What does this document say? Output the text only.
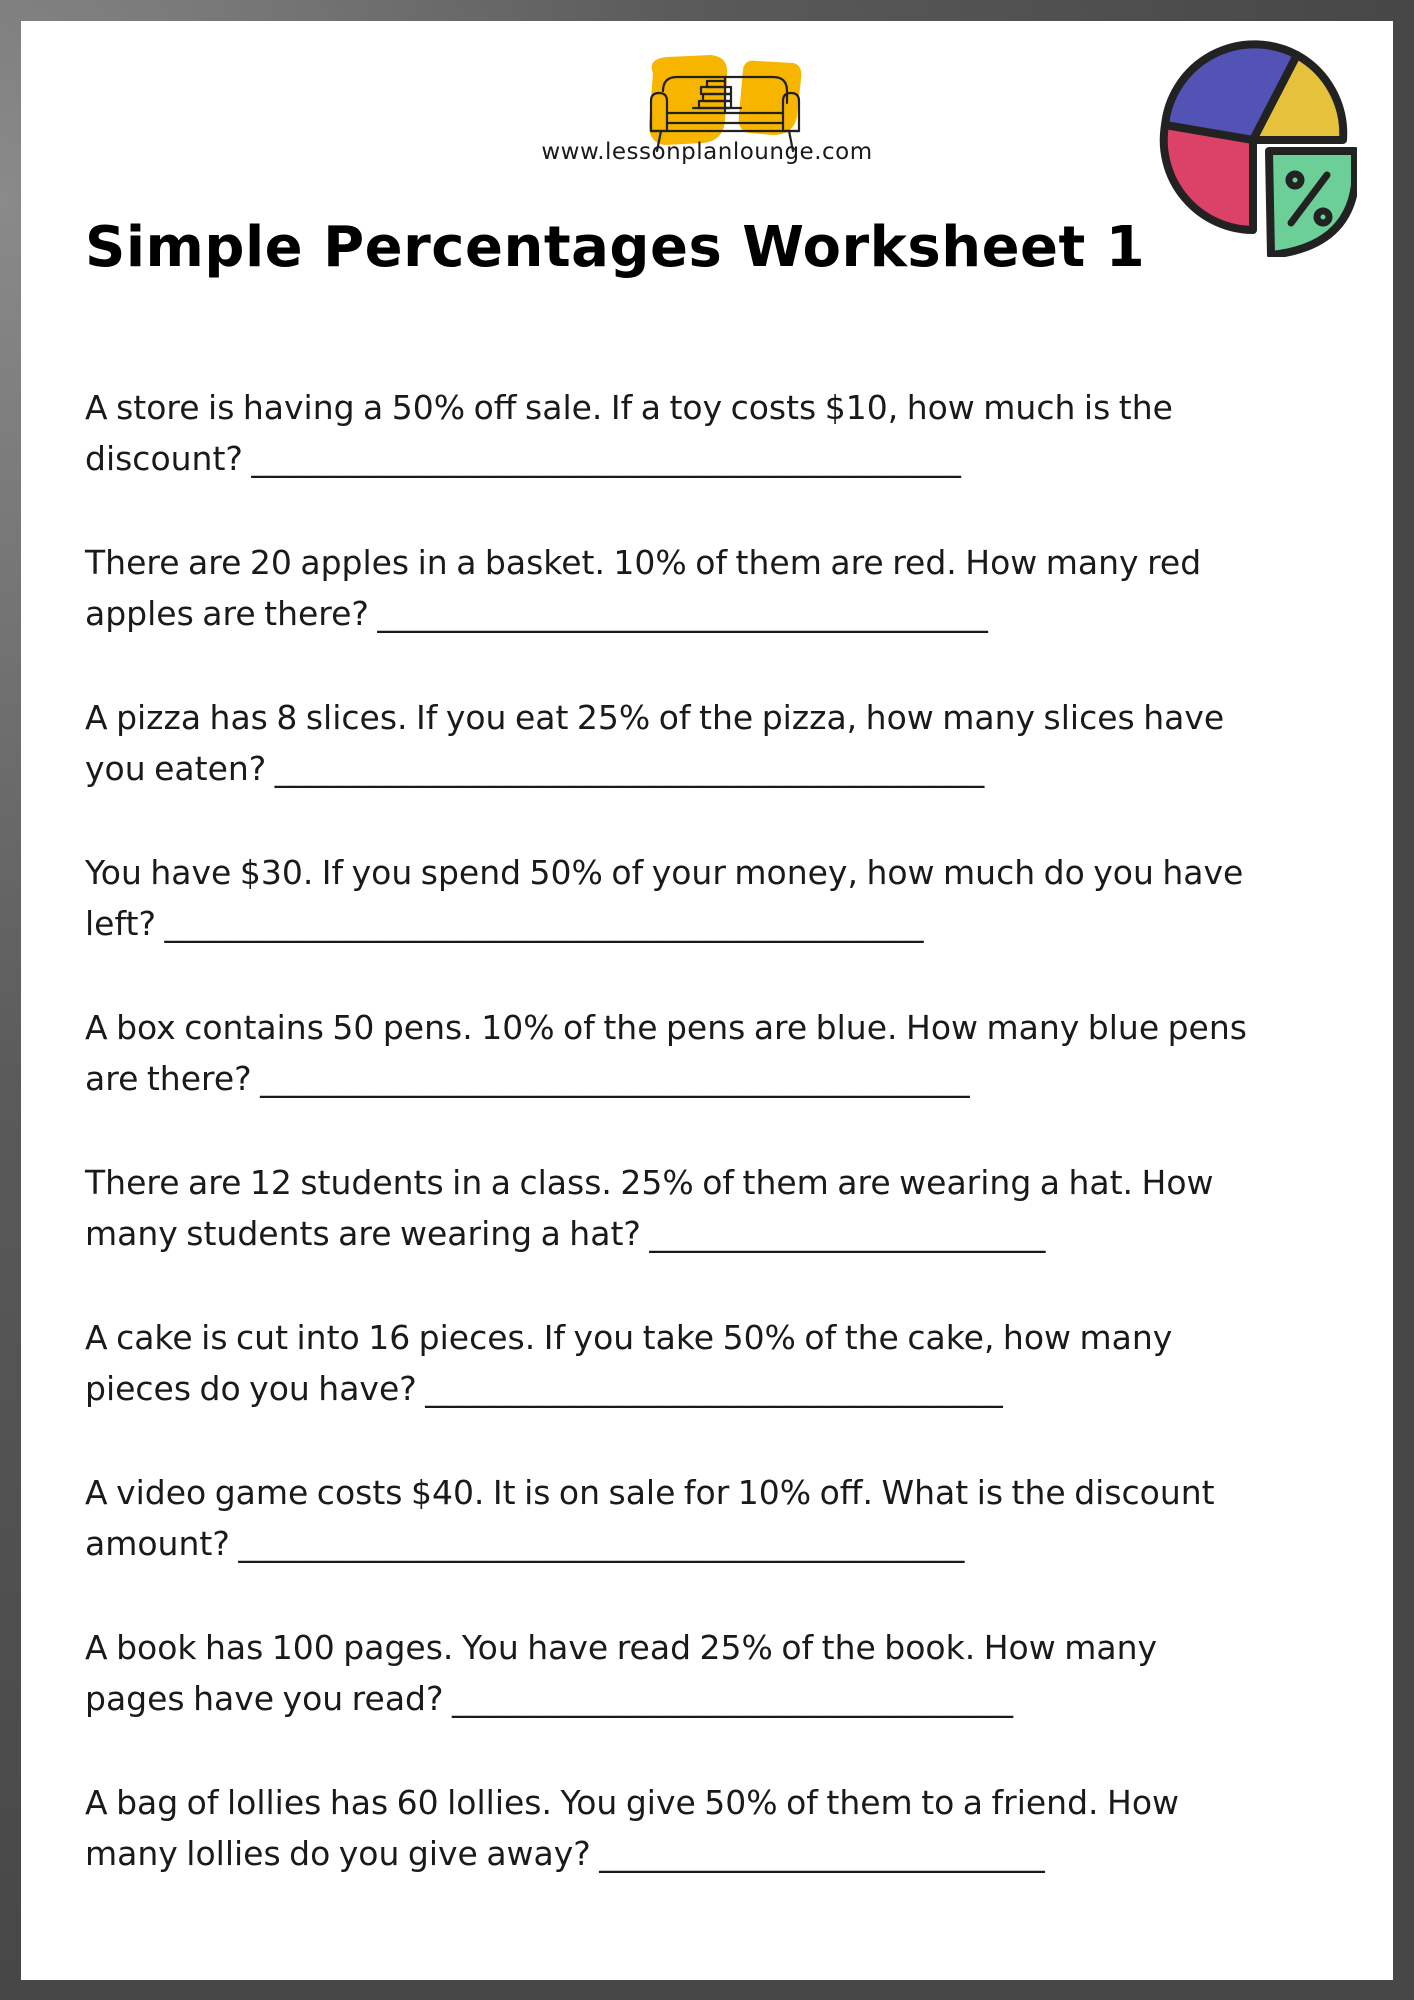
www.lessonplanlounge.com
Simple Percentages Worksheet 1
A store is having a 50% off sale. If a toy costs $10, how much is the
discount? ___________________________________________
There are 20 apples in a basket. 10% of them are red. How many red
apples are there? _____________________________________
A pizza has 8 slices. If you eat 25% of the pizza, how many slices have
you eaten? ___________________________________________
You have $30. If you spend 50% of your money, how much do you have
left? ______________________________________________
A box contains 50 pens. 10% of the pens are blue. How many blue pens
are there? ___________________________________________
There are 12 students in a class. 25% of them are wearing a hat. How
many students are wearing a hat? ________________________
A cake is cut into 16 pieces. If you take 50% of the cake, how many
pieces do you have? ___________________________________
A video game costs $40. It is on sale for 10% off. What is the discount
amount? ____________________________________________
A book has 100 pages. You have read 25% of the book. How many
pages have you read? __________________________________
A bag of lollies has 60 lollies. You give 50% of them to a friend. How
many lollies do you give away? ___________________________
